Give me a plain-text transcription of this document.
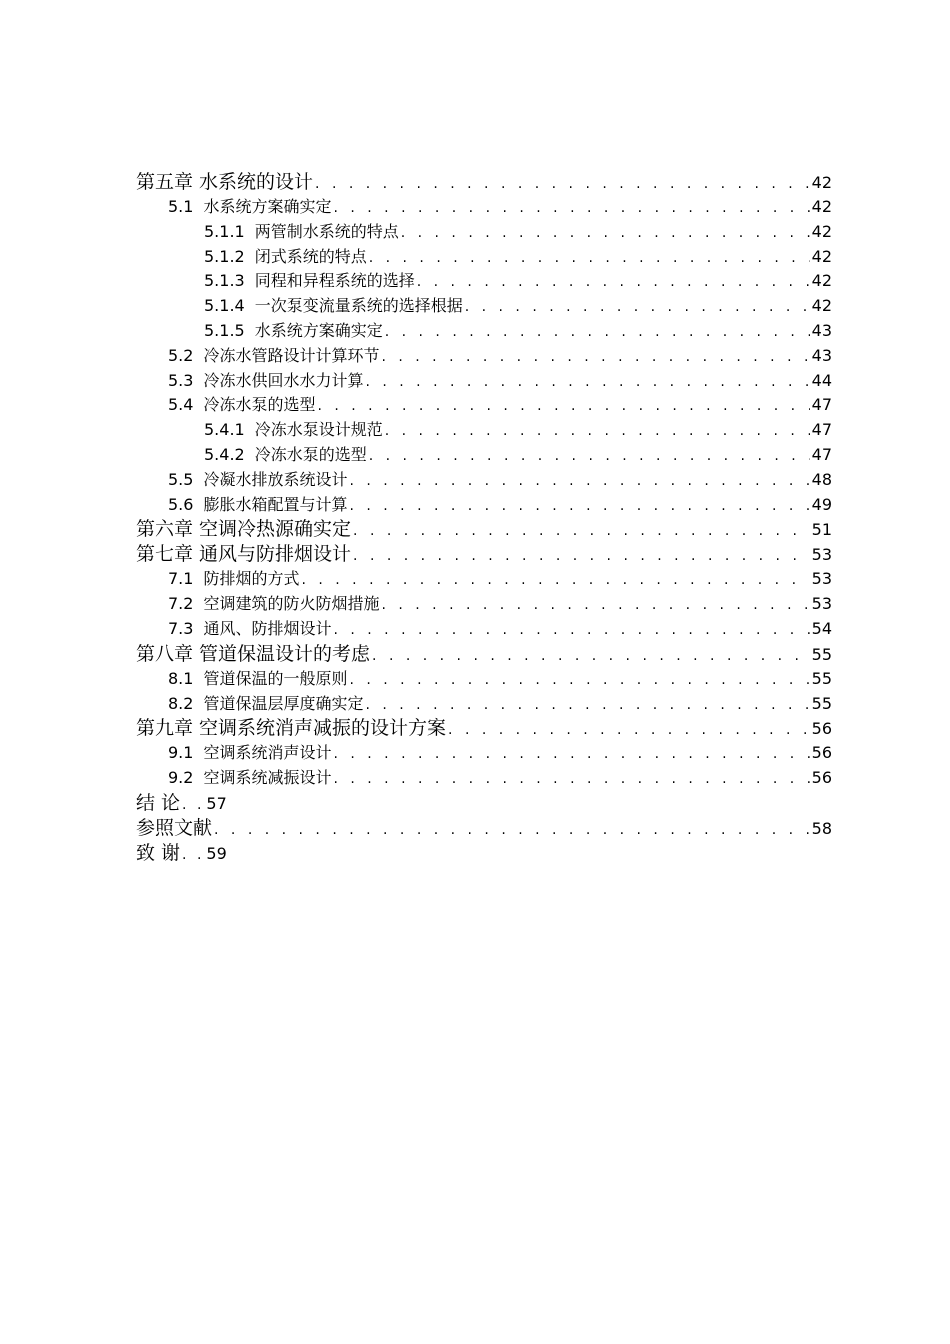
第五章 水系统的设计 . . .	42
5.1 水系统方案确实定 . . .	42
5.1.1 两管制水系统的特点 . . .	42
5.1.2 闭式系统的特点 . . .	42
5.1.3 同程和异程系统的选择 . . .	42
5.1.4 一次泵变流量系统的选择根据 . . .	42
5.1.5 水系统方案确实定 . . .	43
5.2 冷冻水管路设计计算环节 . . .	43
5.3 冷冻水供回水水力计算 . . .	44
5.4 冷冻水泵的选型 . . .	47
5.4.1 冷冻水泵设计规范 . . .	47
5.4.2 冷冻水泵的选型 . . .	47
5.5 冷凝水排放系统设计 . . .	48
5.6 膨胀水箱配置与计算 . . .	49
第六章 空调冷热源确实定 . . .	51
第七章 通风与防排烟设计 . . .	53
7.1 防排烟的方式 . . .	53
7.2 空调建筑的防火防烟措施 . . .	53
7.3 通风、防排烟设计 . . .	54
第八章 管道保温设计的考虑 . . .	55
8.1 管道保温的一般原则 . . .	55
8.2 管道保温层厚度确实定 . . .	55
第九章 空调系统消声减振的设计方案 . . .	56
9.1 空调系统消声设计 . . .	56
9.2 空调系统减振设计 . . .	56
结 论 . . 57
参照文献 . . .	58
致 谢 . . 59
